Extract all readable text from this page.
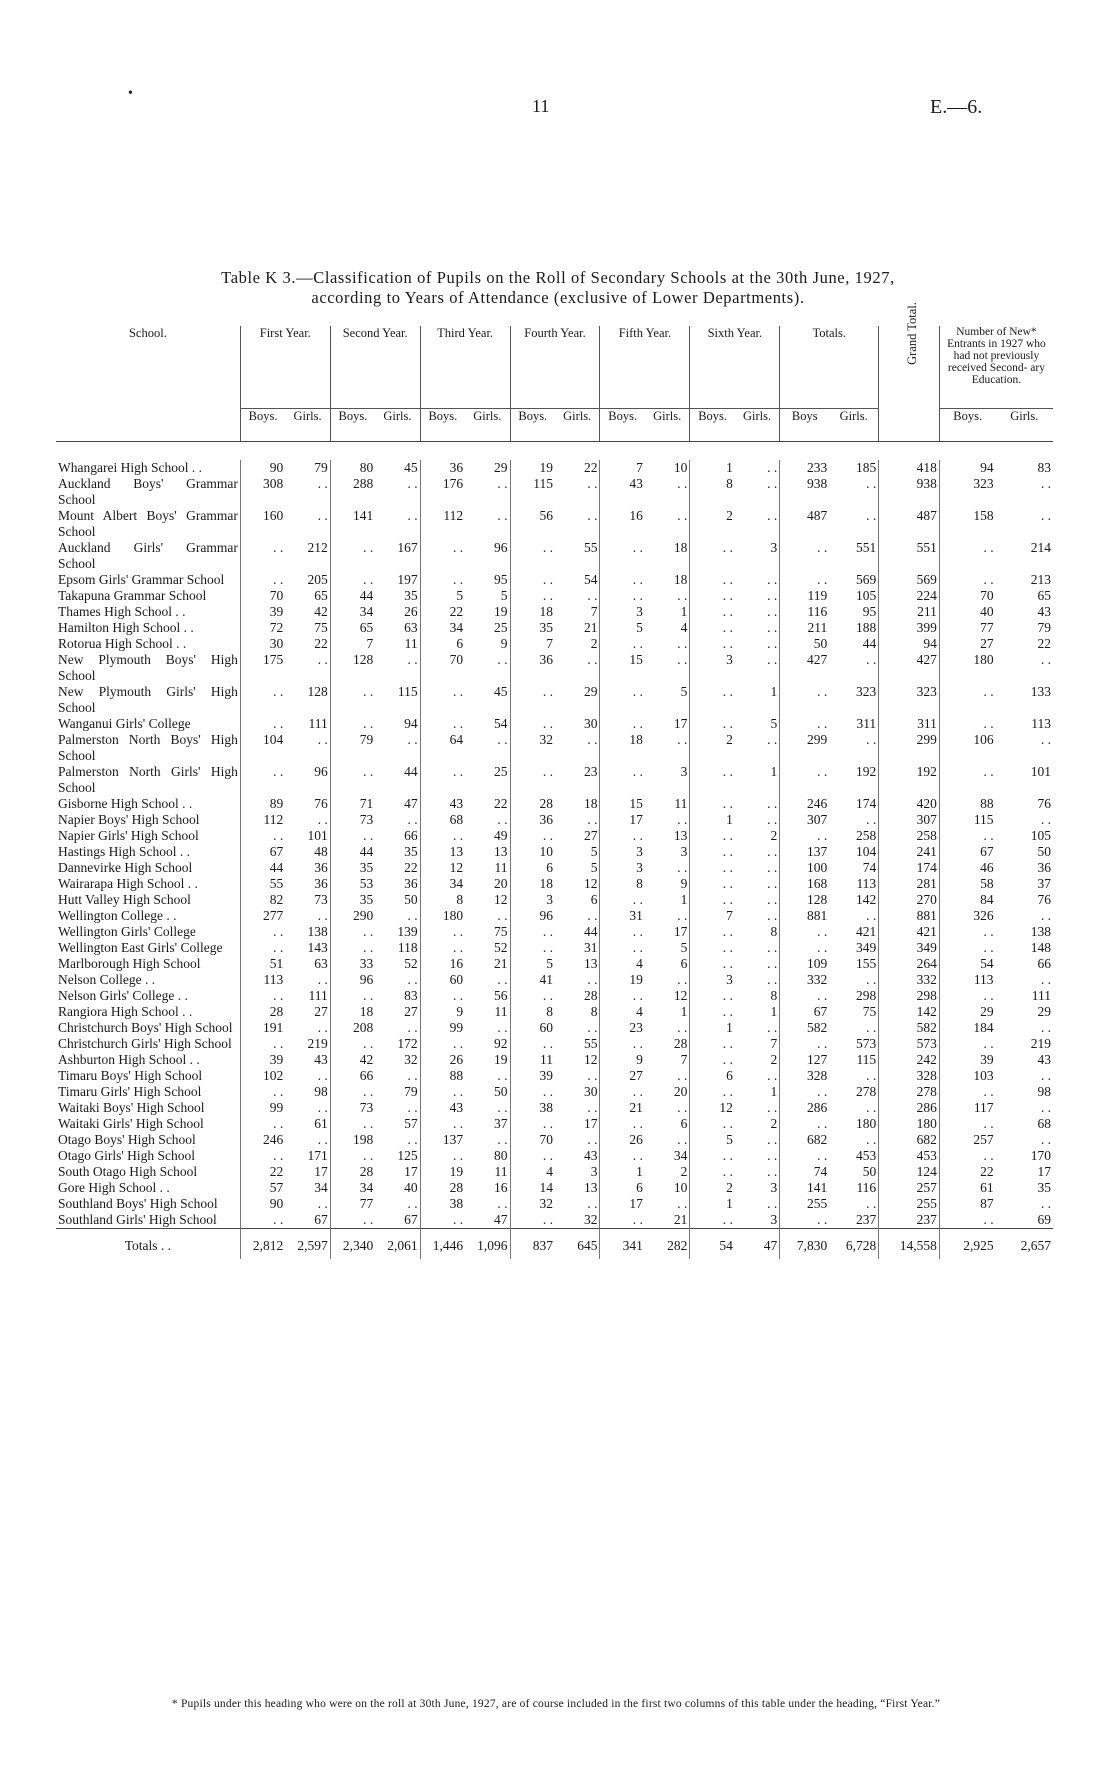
•
11	E.—6.
Table K 3.—Classification of Pupils on the Roll of Secondary Schools at the 30th June, 1927,
according to Years of Attendance (exclusive of Lower Departments).
School.	First Year.		Second Year.		Third Year.		Fourth Year.		Fifth Year.		Sixth Year.		Totals.		Grand Total.	Number of New* Entrants in 1927 who had not previously received Second- ary Education.	
	Boys.	Girls.	Boys.	Girls.	Boys.	Girls.	Boys.	Girls.	Boys.	Girls.	Boys.	Girls.	Boys	Girls.		Boys.	Girls.

Whangarei High School . .	90	79	80	45	36	29	19	22	7	10	1	. .	233	185	418	94	83
Auckland Boys' Grammar School	308	. .	288	. .	176	. .	115	. .	43	. .	8	. .	938	. .	938	323	. .
Mount Albert Boys' Grammar School	160	. .	141	. .	112	. .	56	. .	16	. .	2	. .	487	. .	487	158	. .
Auckland Girls' Grammar School	. .	212	. .	167	. .	96	. .	55	. .	18	. .	3	. .	551	551	. .	214
Epsom Girls' Grammar School	. .	205	. .	197	. .	95	. .	54	. .	18	. .	. .	. .	569	569	. .	213
Takapuna Grammar School	70	65	44	35	5	5	. .	. .	. .	. .	. .	. .	119	105	224	70	65
Thames High School . .	39	42	34	26	22	19	18	7	3	1	. .	. .	116	95	211	40	43
Hamilton High School . .	72	75	65	63	34	25	35	21	5	4	. .	. .	211	188	399	77	79
Rotorua High School . .	30	22	7	11	6	9	7	2	. .	. .	. .	. .	50	44	94	27	22
New Plymouth Boys' High School	175	. .	128	. .	70	. .	36	. .	15	. .	3	. .	427	. .	427	180	. .
New Plymouth Girls' High School	. .	128	. .	115	. .	45	. .	29	. .	5	. .	1	. .	323	323	. .	133
Wanganui Girls' College	. .	111	. .	94	. .	54	. .	30	. .	17	. .	5	. .	311	311	. .	113
Palmerston North Boys' High School	104	. .	79	. .	64	. .	32	. .	18	. .	2	. .	299	. .	299	106	. .
Palmerston North Girls' High School	. .	96	. .	44	. .	25	. .	23	. .	3	. .	1	. .	192	192	. .	101
Gisborne High School . .	89	76	71	47	43	22	28	18	15	11	. .	. .	246	174	420	88	76
Napier Boys' High School	112	. .	73	. .	68	. .	36	. .	17	. .	1	. .	307	. .	307	115	. .
Napier Girls' High School	. .	101	. .	66	. .	49	. .	27	. .	13	. .	2	. .	258	258	. .	105
Hastings High School . .	67	48	44	35	13	13	10	5	3	3	. .	. .	137	104	241	67	50
Dannevirke High School	44	36	35	22	12	11	6	5	3	. .	. .	. .	100	74	174	46	36
Wairarapa High School . .	55	36	53	36	34	20	18	12	8	9	. .	. .	168	113	281	58	37
Hutt Valley High School	82	73	35	50	8	12	3	6	. .	1	. .	. .	128	142	270	84	76
Wellington College . .	277	. .	290	. .	180	. .	96	. .	31	. .	7	. .	881	. .	881	326	. .
Wellington Girls' College	. .	138	. .	139	. .	75	. .	44	. .	17	. .	8	. .	421	421	. .	138
Wellington East Girls' College	. .	143	. .	118	. .	52	. .	31	. .	5	. .	. .	. .	349	349	. .	148
Marlborough High School	51	63	33	52	16	21	5	13	4	6	. .	. .	109	155	264	54	66
Nelson College . .	113	. .	96	. .	60	. .	41	. .	19	. .	3	. .	332	. .	332	113	. .
Nelson Girls' College . .	. .	111	. .	83	. .	56	. .	28	. .	12	. .	8	. .	298	298	. .	111
Rangiora High School . .	28	27	18	27	9	11	8	8	4	1	. .	1	67	75	142	29	29
Christchurch Boys' High School	191	. .	208	. .	99	. .	60	. .	23	. .	1	. .	582	. .	582	184	. .
Christchurch Girls' High School	. .	219	. .	172	. .	92	. .	55	. .	28	. .	7	. .	573	573	. .	219
Ashburton High School . .	39	43	42	32	26	19	11	12	9	7	. .	2	127	115	242	39	43
Timaru Boys' High School	102	. .	66	. .	88	. .	39	. .	27	. .	6	. .	328	. .	328	103	. .
Timaru Girls' High School	. .	98	. .	79	. .	50	. .	30	. .	20	. .	1	. .	278	278	. .	98
Waitaki Boys' High School	99	. .	73	. .	43	. .	38	. .	21	. .	12	. .	286	. .	286	117	. .
Waitaki Girls' High School	. .	61	. .	57	. .	37	. .	17	. .	6	. .	2	. .	180	180	. .	68
Otago Boys' High School	246	. .	198	. .	137	. .	70	. .	26	. .	5	. .	682	. .	682	257	. .
Otago Girls' High School	. .	171	. .	125	. .	80	. .	43	. .	34	. .	. .	. .	453	453	. .	170
South Otago High School	22	17	28	17	19	11	4	3	1	2	. .	. .	74	50	124	22	17
Gore High School . .	57	34	34	40	28	16	14	13	6	10	2	3	141	116	257	61	35
Southland Boys' High School	90	. .	77	. .	38	. .	32	. .	17	. .	1	. .	255	. .	255	87	. .
Southland Girls' High School	. .	67	. .	67	. .	47	. .	32	. .	21	. .	3	. .	237	237	. .	69
Totals . .	2,812	2,597	2,340	2,061	1,446	1,096	837	645	341	282	54	47	7,830	6,728	14,558	2,925	2,657
* Pupils under this heading who were on the roll at 30th June, 1927, are of course included in the first two columns of this table under the heading, “First Year.”
